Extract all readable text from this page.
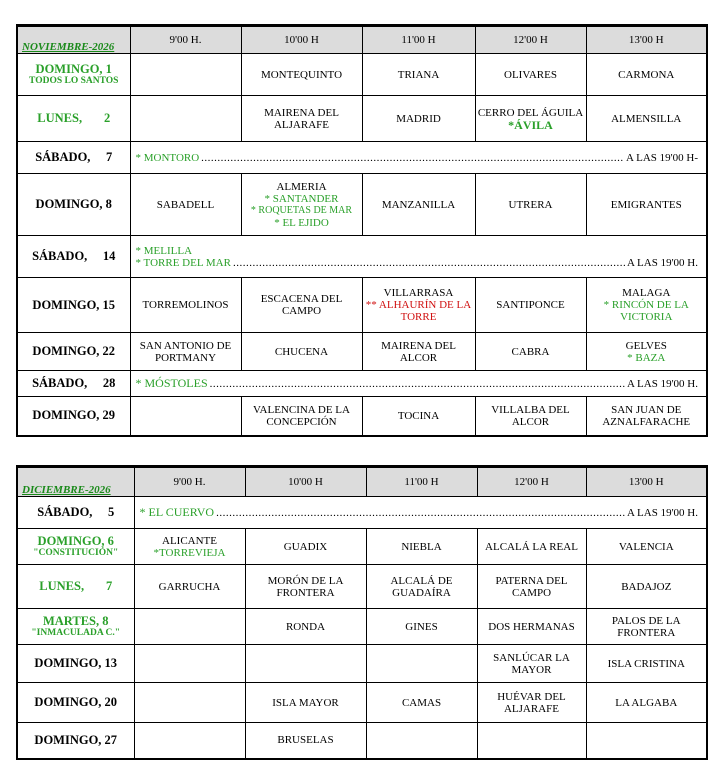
NOVIEMBRE-2026	9'00 H.	10'00 H	11'00 H	12'00 H	13'00 H

DOMINGO, 1
TODOS LO SANTOS		MONTEQUINTO	TRIANA	OLIVARES	CARMONA
LUNES, 2		MAIRENA DEL ALJARAFE	MADRID	CERRO DEL ÁGUILA
*ÁVILA	ALMENSILLA
SÁBADO, 7	* MONTORO ..... A LAS 19'00 H-

DOMINGO, 8	SABADELL	ALMERIA
* SANTANDER
* ROQUETAS DE MAR
* EL EJIDO	MANZANILLA	UTRERA	EMIGRANTES
SÁBADO, 14	* MELILLA
* TORRE DEL MAR ..... A LAS 19'00 H.

DOMINGO, 15	TORREMOLINOS	ESCACENA DEL CAMPO	VILLARRASA
** ALHAURÍN DE LA TORRE	SANTIPONCE	MALAGA
* RINCÓN DE LA VICTORIA

DOMINGO, 22	SAN ANTONIO DE PORTMANY	CHUCENA	MAIRENA DEL ALCOR	CABRA	GELVES
* BAZA

SÁBADO, 28	* MÓSTOLES ..... A LAS 19'00 H.

DOMINGO, 29		VALENCINA DE LA CONCEPCIÓN	TOCINA	VILLALBA DEL ALCOR	SAN JUAN DE AZNALFARACHE
DICIEMBRE-2026	9'00 H.	10'00 H	11'00 H	12'00 H	13'00 H
SÁBADO, 5	* EL CUERVO ..... A LAS 19'00 H.

DOMINGO, 6
"CONSTITUCIÓN"	ALICANTE
*TORREVIEJA	GUADIX	NIEBLA	ALCALÁ LA REAL	VALENCIA
LUNES, 7	GARRUCHA	MORÓN DE LA FRONTERA	ALCALÁ DE GUADAÍRA	PATERNA DEL CAMPO	BADAJOZ

MARTES, 8
"INMACULADA C."		RONDA	GINES	DOS HERMANAS	PALOS DE LA FRONTERA
DOMINGO, 13				SANLÚCAR LA MAYOR	ISLA CRISTINA
DOMINGO, 20		ISLA MAYOR	CAMAS	HUÉVAR DEL ALJARAFE	LA ALGABA
DOMINGO, 27		BRUSELAS			
